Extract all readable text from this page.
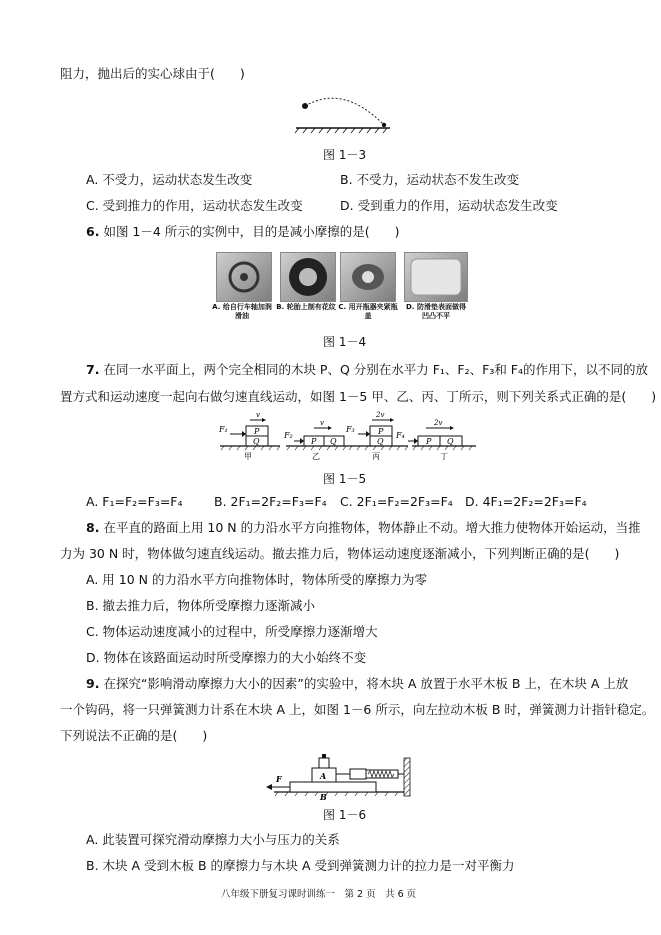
阻力，抛出后的实心球由于(　　)
图 1－3
A. 不受力，运动状态发生改变	B. 不受力，运动状态不发生改变
C. 受到推力的作用，运动状态发生改变	D. 受到重力的作用，运动状态发生改变
6. 如图 1－4 所示的实例中，目的是减小摩擦的是(　　)
A. 给自行车轴加润滑油
B. 轮胎上制有花纹 C. 用开瓶器夹紧瓶盖
D. 防滑垫表面做得凹凸不平
图 1－4
7. 在同一水平面上，两个完全相同的木块 P、Q 分别在水平力 F₁、F₂、F₃和 F₄的作用下，以不同的放
置方式和运动速度一起向右做匀速直线运动，如图 1－5 甲、乙、丙、丁所示，则下列关系式正确的是(　　)
F₁	P
Q
v
甲
F₂
P Q
v
乙
F₃	P
Q
2v
丙
F₄
P Q
2v
丁
图 1－5
A. F₁=F₂=F₃=F₄	B. 2F₁=2F₂=F₃=F₄ C. 2F₁=F₂=2F₃=F₄ D. 4F₁=2F₂=2F₃=F₄
8. 在平直的路面上用 10 N 的力沿水平方向推物体，物体静止不动。增大推力使物体开始运动，当推
力为 30 N 时，物体做匀速直线运动。撤去推力后，物体运动速度逐渐减小，下列判断正确的是(　　)
A. 用 10 N 的力沿水平方向推物体时，物体所受的摩擦力为零
B. 撤去推力后，物体所受摩擦力逐渐减小
C. 物体运动速度减小的过程中，所受摩擦力逐渐增大
D. 物体在该路面运动时所受摩擦力的大小始终不变
9. 在探究“影响滑动摩擦力大小的因素”的实验中，将木块 A 放置于水平木板 B 上，在木块 A 上放
一个钩码，将一只弹簧测力计系在木块 A 上，如图 1－6 所示，向左拉动木板 B 时，弹簧测力计指针稳定。
下列说法不正确的是(　　)
B
A
F
图 1－6
A. 此装置可探究滑动摩擦力大小与压力的关系
B. 木块 A 受到木板 B 的摩擦力与木块 A 受到弹簧测力计的拉力是一对平衡力
八年级下册复习课时训练一　第 2 页　共 6 页
